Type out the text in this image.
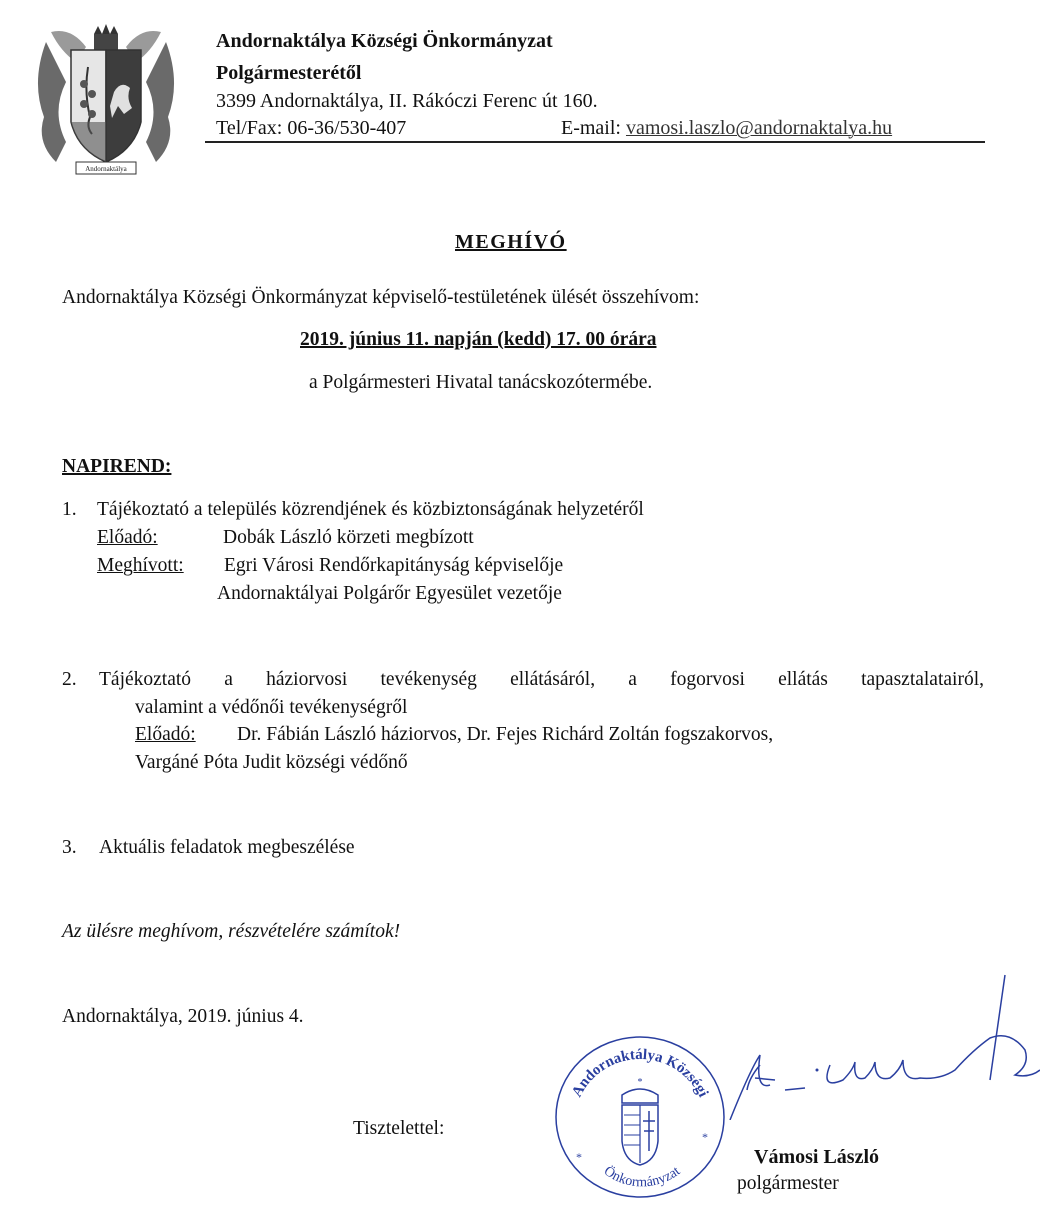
Andornaktálya
Andornaktálya Községi Önkormányzat
Polgármesterétől
3399 Andornaktálya, II. Rákóczi Ferenc út 160.
Tel/Fax: 06-36/530-407	E-mail: vamosi.laszlo@andornaktalya.hu
MEGHÍVÓ
Andornaktálya Községi Önkormányzat képviselő-testületének ülését összehívom:
2019. június 11. napján (kedd) 17. 00 órára
a Polgármesteri Hivatal tanácskozótermébe.
NAPIREND:
1. Tájékoztató a település közrendjének és közbiztonságának helyzetéről
Előadó:	Dobák László körzeti megbízott
Meghívott: Egri Városi Rendőrkapitányság képviselője
Andornaktályai Polgárőr Egyesület vezetője
2. Tájékoztató a háziorvosi tevékenység ellátásáról, a fogorvosi ellátás tapasztalatairól,
valamint a védőnői tevékenységről
Előadó: Dr. Fábián László háziorvos, Dr. Fejes Richárd Zoltán fogszakorvos,
Vargáné Póta Judit községi védőnő
3. Aktuális feladatok megbeszélése
Az ülésre meghívom, részvételére számítok!
Andornaktálya, 2019. június 4.
Tisztelettel:
Andornaktálya Községi
Önkormányzat
*
*
*
Vámosi László
polgármester
